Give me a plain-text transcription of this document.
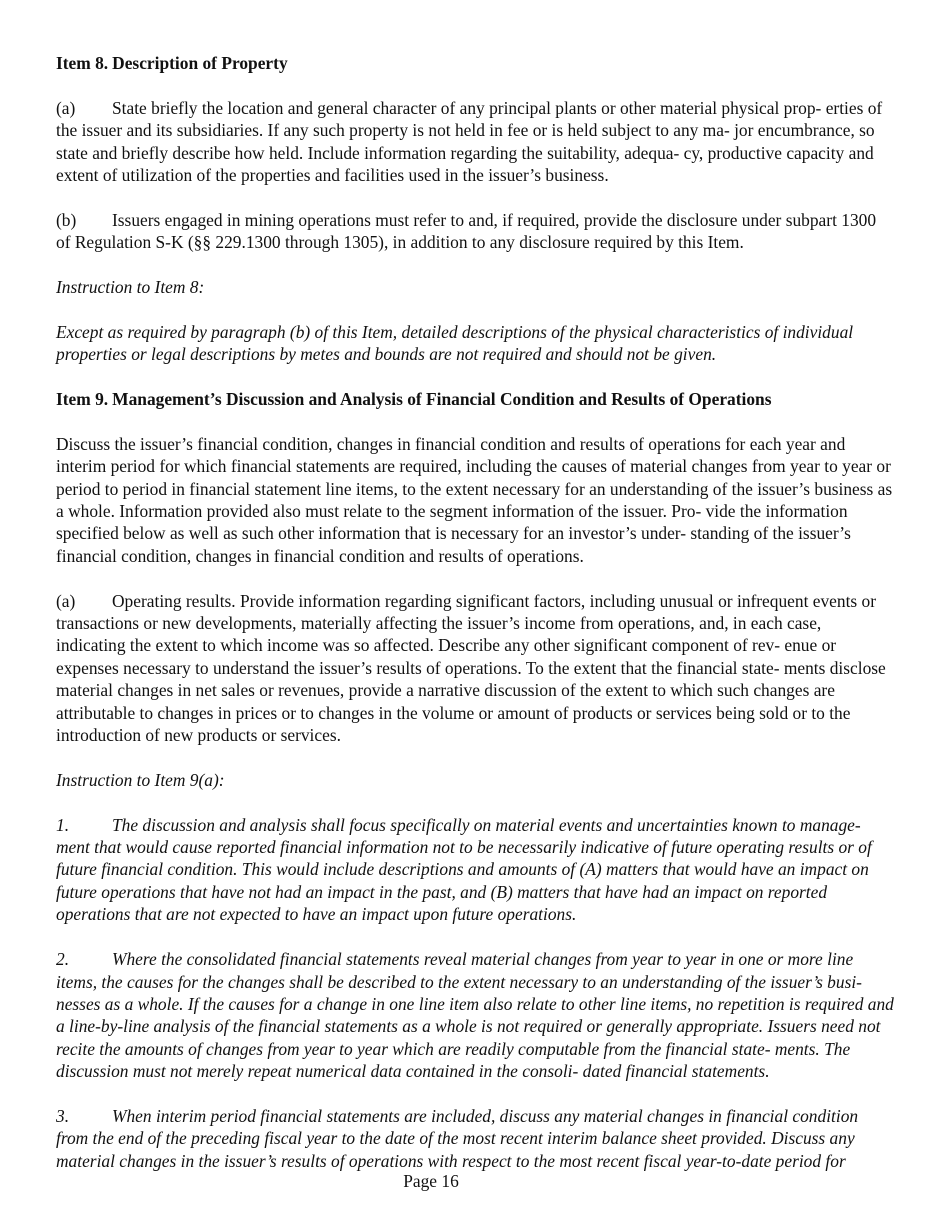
Item 8. Description of Property
(a) State briefly the location and general character of any principal plants or other material physical prop- erties of the issuer and its subsidiaries. If any such property is not held in fee or is held subject to any ma- jor encumbrance, so state and briefly describe how held. Include information regarding the suitability, adequa- cy, productive capacity and extent of utilization of the properties and facilities used in the issuer’s business.
(b) Issuers engaged in mining operations must refer to and, if required, provide the disclosure under subpart 1300 of Regulation S-K (§§ 229.1300 through 1305), in addition to any disclosure required by this Item.
Instruction to Item 8:
Except as required by paragraph (b) of this Item, detailed descriptions of the physical characteristics of individual properties or legal descriptions by metes and bounds are not required and should not be given.
Item 9. Management’s Discussion and Analysis of Financial Condition and Results of Operations
Discuss the issuer’s financial condition, changes in financial condition and results of operations for each year and interim period for which financial statements are required, including the causes of material changes from year to year or period to period in financial statement line items, to the extent necessary for an understanding of the issuer’s business as a whole. Information provided also must relate to the segment information of the issuer. Pro- vide the information specified below as well as such other information that is necessary for an investor’s under- standing of the issuer’s financial condition, changes in financial condition and results of operations.
(a) Operating results. Provide information regarding significant factors, including unusual or infrequent events or transactions or new developments, materially affecting the issuer’s income from operations, and, in each case, indicating the extent to which income was so affected. Describe any other significant component of rev- enue or expenses necessary to understand the issuer’s results of operations. To the extent that the financial state- ments disclose material changes in net sales or revenues, provide a narrative discussion of the extent to which such changes are attributable to changes in prices or to changes in the volume or amount of products or services being sold or to the introduction of new products or services.
Instruction to Item 9(a):
1. The discussion and analysis shall focus specifically on material events and uncertainties known to manage- ment that would cause reported financial information not to be necessarily indicative of future operating results or of future financial condition. This would include descriptions and amounts of (A) matters that would have an impact on future operations that have not had an impact in the past, and (B) matters that have had an impact on reported operations that are not expected to have an impact upon future operations.
2. Where the consolidated financial statements reveal material changes from year to year in one or more line items, the causes for the changes shall be described to the extent necessary to an understanding of the issuer’s busi- nesses as a whole. If the causes for a change in one line item also relate to other line items, no repetition is required and a line-by-line analysis of the financial statements as a whole is not required or generally appropriate. Issuers need not recite the amounts of changes from year to year which are readily computable from the financial state- ments. The discussion must not merely repeat numerical data contained in the consoli- dated financial statements.
3. When interim period financial statements are included, discuss any material changes in financial condition from the end of the preceding fiscal year to the date of the most recent interim balance sheet provided. Discuss any material changes in the issuer’s results of operations with respect to the most recent fiscal year-to-date period for
Page 16
